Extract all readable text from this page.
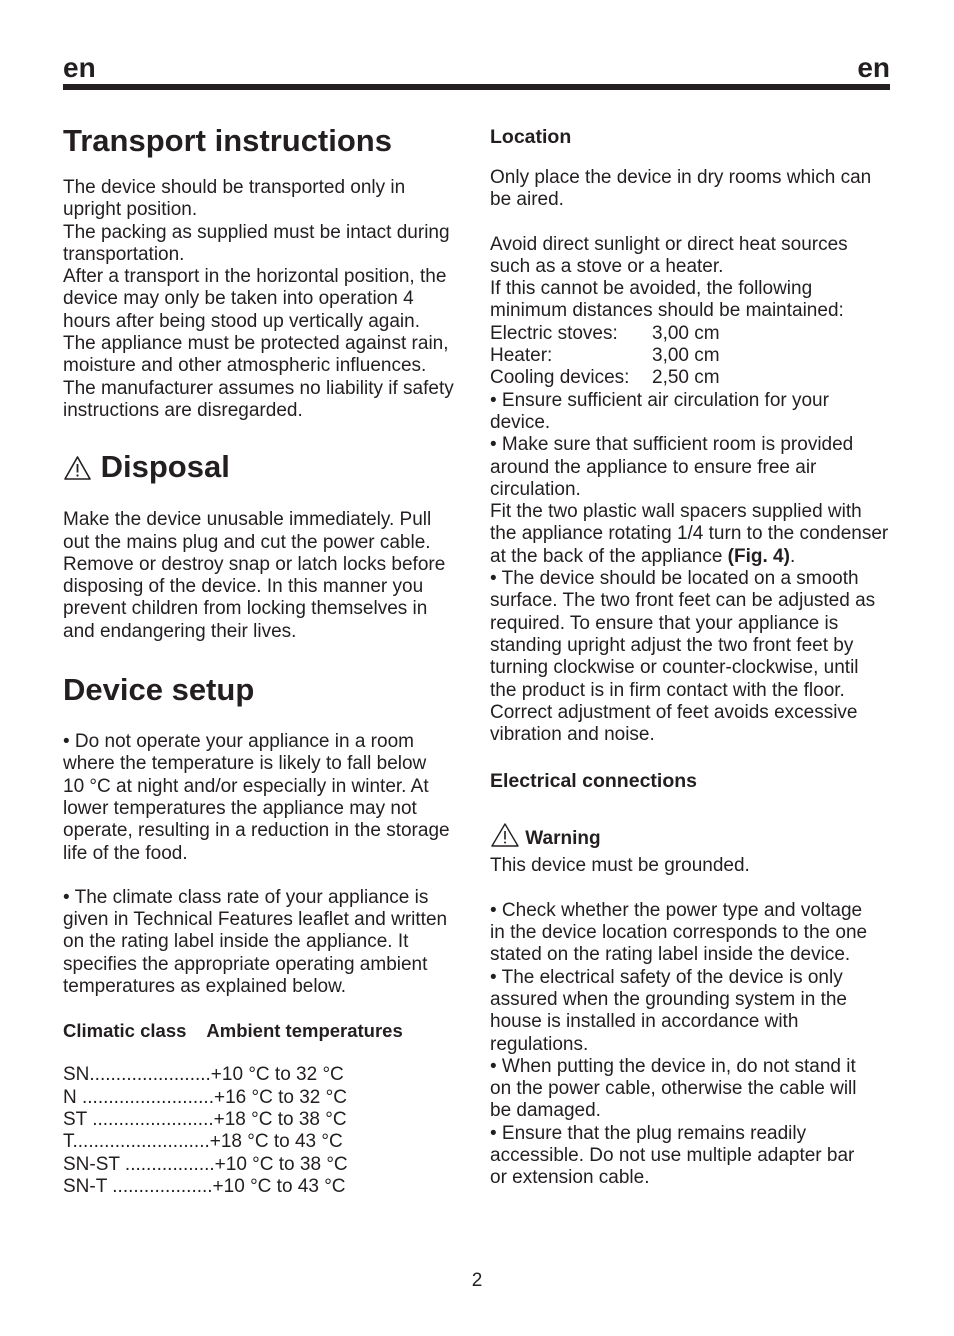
en	en
Transport instructions

The device should be transported only in
upright position.
The packing as supplied must be intact during
transportation.
After a transport in the horizontal position, the
device may only be taken into operation 4
hours after being stood up vertically again.
The appliance must be protected against rain,
moisture and other atmospheric influences.
The manufacturer assumes no liability if safety
instructions are disregarded.

Disposal

Make the device unusable immediately. Pull
out the mains plug and cut the power cable.
Remove or destroy snap or latch locks before
disposing of the device. In this manner you
prevent children from locking themselves in
and endangering their lives.

Device setup

• Do not operate your appliance in a room
where the temperature is likely to fall below
10 °C at night and/or especially in winter. At
lower temperatures the appliance may not
operate, resulting in a reduction in the storage
life of the food.

• The climate class rate of your appliance is
given in Technical Features leaflet and written
on the rating label inside the appliance. It
specifies the appropriate operating ambient
temperatures as explained below.

Climatic class Ambient temperatures
SN.......................+10 °C to 32 °C
N .........................+16 °C to 32 °C
ST .......................+18 °C to 38 °C
T..........................+18 °C to 43 °C
SN-ST .................+10 °C to 38 °C
SN-T ...................+10 °C to 43 °C
Location

Only place the device in dry rooms which can
be aired.

Avoid direct sunlight or direct heat sources
such as a stove or a heater.
If this cannot be avoided, the following
minimum distances should be maintained:

Electric stoves:	3,00 cm
Heater:	3,00 cm
Cooling devices:	2,50 cm

• Ensure sufficient air circulation for your
device.
• Make sure that sufficient room is provided
around the appliance to ensure free air
circulation.
Fit the two plastic wall spacers supplied with
the appliance rotating 1/4 turn to the condenser
at the back of the appliance (Fig. 4).

• The device should be located on a smooth
surface. The two front feet can be adjusted as
required. To ensure that your appliance is
standing upright adjust the two front feet by
turning clockwise or counter-clockwise, until
the product is in firm contact with the floor.
Correct adjustment of feet avoids excessive
vibration and noise.

Electrical connections
Warning

This device must be grounded.

• Check whether the power type and voltage
in the device location corresponds to the one
stated on the rating label inside the device.
• The electrical safety of the device is only
assured when the grounding system in the
house is installed in accordance with
regulations.
• When putting the device in, do not stand it
on the power cable, otherwise the cable will
be damaged.
• Ensure that the plug remains readily
accessible. Do not use multiple adapter bar
or extension cable.

2
